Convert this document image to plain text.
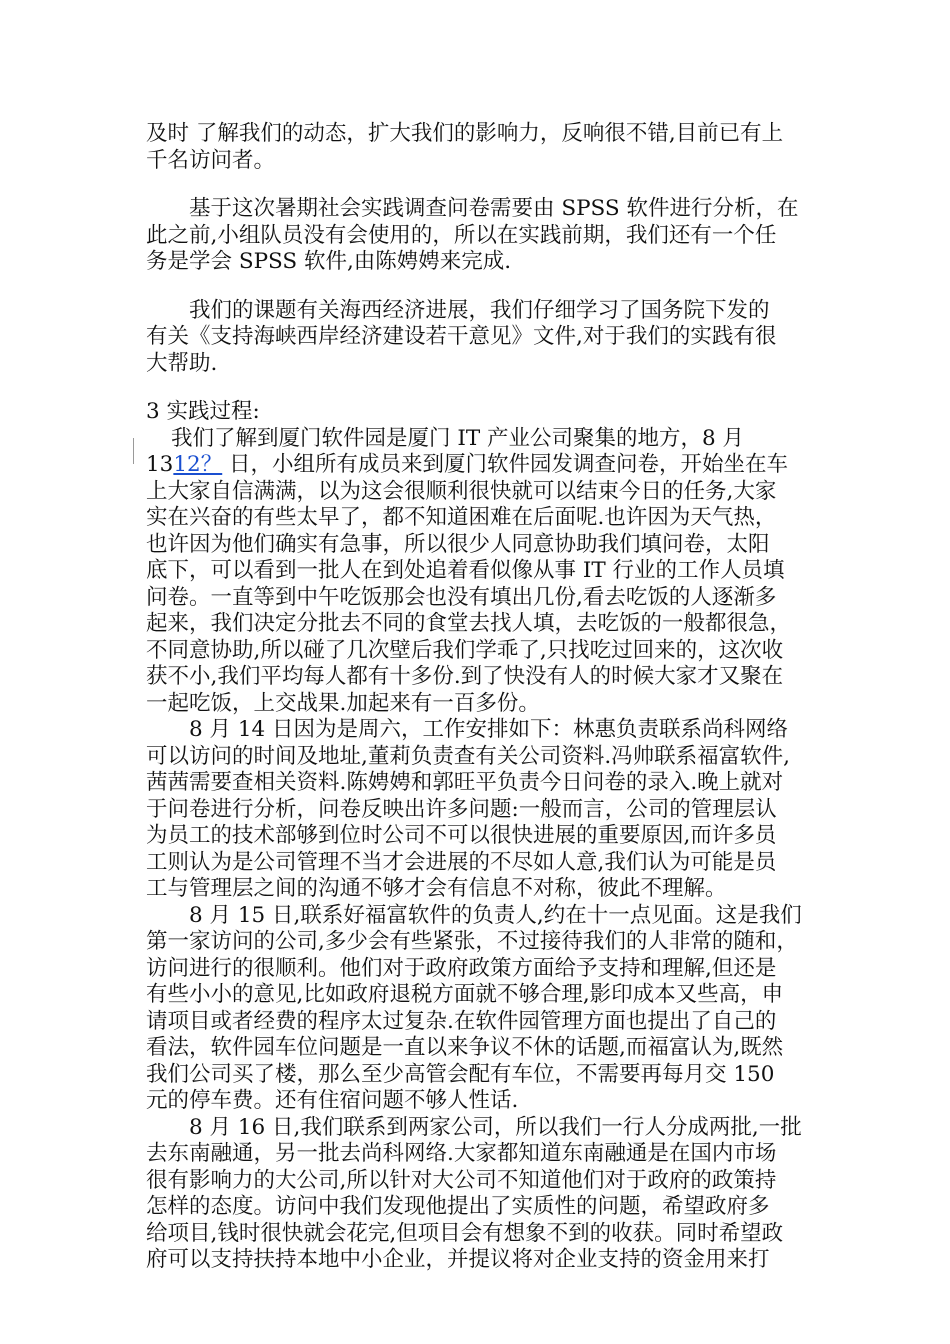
及时 了解我们的动态，扩大我们的影响力，反响很不错,目前已有上
千名访问者。
基于这次暑期社会实践调查问卷需要由 SPSS 软件进行分析，在
此之前,小组队员没有会使用的，所以在实践前期，我们还有一个任
务是学会 SPSS 软件,由陈娉娉来完成.
我们的课题有关海西经济进展，我们仔细学习了国务院下发的
有关《支持海峡西岸经济建设若干意见》文件,对于我们的实践有很
大帮助.
3 实践过程:
我们了解到厦门软件园是厦门 IT 产业公司聚集的地方，8 月
1312？ 日，小组所有成员来到厦门软件园发调查问卷，开始坐在车
上大家自信满满，以为这会很顺利很快就可以结束今日的任务,大家
实在兴奋的有些太早了，都不知道困难在后面呢.也许因为天气热，
也许因为他们确实有急事，所以很少人同意协助我们填问卷，太阳
底下，可以看到一批人在到处追着看似像从事 IT 行业的工作人员填
问卷。一直等到中午吃饭那会也没有填出几份,看去吃饭的人逐渐多
起来，我们决定分批去不同的食堂去找人填，去吃饭的一般都很急，
不同意协助,所以碰了几次壁后我们学乖了,只找吃过回来的，这次收
获不小,我们平均每人都有十多份.到了快没有人的时候大家才又聚在
一起吃饭，上交战果.加起来有一百多份。
8 月 14 日因为是周六，工作安排如下：林惠负责联系尚科网络
可以访问的时间及地址,董莉负责查有关公司资料.冯帅联系福富软件,
茜茜需要查相关资料.陈娉娉和郭旺平负责今日问卷的录入.晚上就对
于问卷进行分析，问卷反映出许多问题:一般而言，公司的管理层认
为员工的技术部够到位时公司不可以很快进展的重要原因,而许多员
工则认为是公司管理不当才会进展的不尽如人意,我们认为可能是员
工与管理层之间的沟通不够才会有信息不对称，彼此不理解。
8 月 15 日,联系好福富软件的负责人,约在十一点见面。这是我们
第一家访问的公司,多少会有些紧张，不过接待我们的人非常的随和，
访问进行的很顺利。他们对于政府政策方面给予支持和理解,但还是
有些小小的意见,比如政府退税方面就不够合理,影印成本又些高，申
请项目或者经费的程序太过复杂.在软件园管理方面也提出了自己的
看法，软件园车位问题是一直以来争议不休的话题,而福富认为,既然
我们公司买了楼，那么至少高管会配有车位，不需要再每月交 150
元的停车费。还有住宿问题不够人性话.
8 月 16 日,我们联系到两家公司，所以我们一行人分成两批,一批
去东南融通，另一批去尚科网络.大家都知道东南融通是在国内市场
很有影响力的大公司,所以针对大公司不知道他们对于政府的政策持
怎样的态度。访问中我们发现他提出了实质性的问题，希望政府多
给项目,钱时很快就会花完,但项目会有想象不到的收获。同时希望政
府可以支持扶持本地中小企业，并提议将对企业支持的资金用来打
